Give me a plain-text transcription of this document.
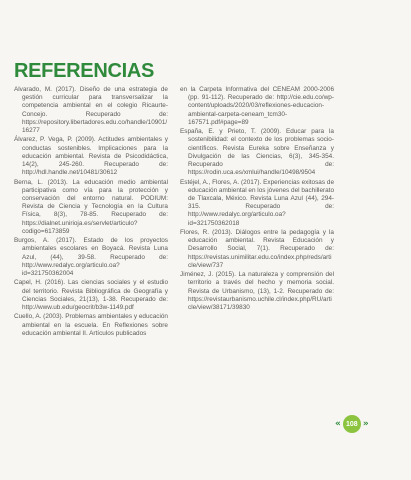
REFERENCIAS

Alvarado, M. (2017). Diseño de una estrategia de gestión curricular para transversalizar la competencia ambiental en el colegio Ricaurte-Concejo. Recuperado de: https://repository.libertadores.edu.co/handle/10901/16277

Álvarez, P. Vega, P. (2009). Actitudes ambientales y conductas sostenibles. Implicaciones para la educación ambiental. Revista de Psicodidáctica, 14(2), 245-260. Recuperado de: http://hdl.handle.net/10481/30612

Berna, L. (2013). La educación medio ambiental participativa como vía para la protección y conservación del entorno natural. PODIUM: Revista de Ciencia y Tecnología en la Cultura Física, 8(3), 78-85. Recuperado de: https://dialnet.unirioja.es/servlet/articulo?codigo=6173859

Burgos, A. (2017). Estado de los proyectos ambientales escolares en Boyacá. Revista Luna Azul, (44), 39-58. Recuperado de: http://www.redalyc.org/articulo.oa?id=321750362004

Capel, H. (2016). Las ciencias sociales y el estudio del territorio. Revista Bibliográfica de Geografía y Ciencias Sociales, 21(13), 1-38. Recuperado de: http://www.ub.edu/geocrit/b3w-1149.pdf

Cuello, A. (2003). Problemas ambientales y educación ambiental en la escuela. En Reflexiones sobre educación ambiental II. Artículos publicados

en la Carpeta Informativa del CENEAM 2000-2006 (pp. 91-112). Recuperado de: http://cie.edu.co/wp-content/uploads/2020/03/reflexiones-educacion-ambiental-carpeta-ceneam_tcm30-167571.pdf#page=89

España, E. y Prieto, T. (2009). Educar para la sostenibilidad: el contexto de los problemas socio-científicos. Revista Eureka sobre Enseñanza y Divulgación de las Ciencias, 6(3), 345-354. Recuperado de: https://rodin.uca.es/xmlui/handle/10498/9504

Estéjel, A., Flores, A. (2017). Experiencias exitosas de educación ambiental en los jóvenes del bachillerato de Tlaxcala, México. Revista Luna Azul (44), 294-315. Recuperado de: http://www.redalyc.org/articulo.oa?id=321750362018

Flores, R. (2013). Diálogos entre la pedagogía y la educación ambiental. Revista Educación y Desarrollo Social, 7(1). Recuperado de: https://revistas.unimilitar.edu.co/index.php/reds/article/view/737

Jiménez, J. (2015). La naturaleza y comprensión del territorio a través del hecho y memoria social. Revista de Urbanismo, (13), 1-2. Recuperado de: https://revistaurbanismo.uchile.cl/index.php/RU/article/view/38171/39830

« 108 »
